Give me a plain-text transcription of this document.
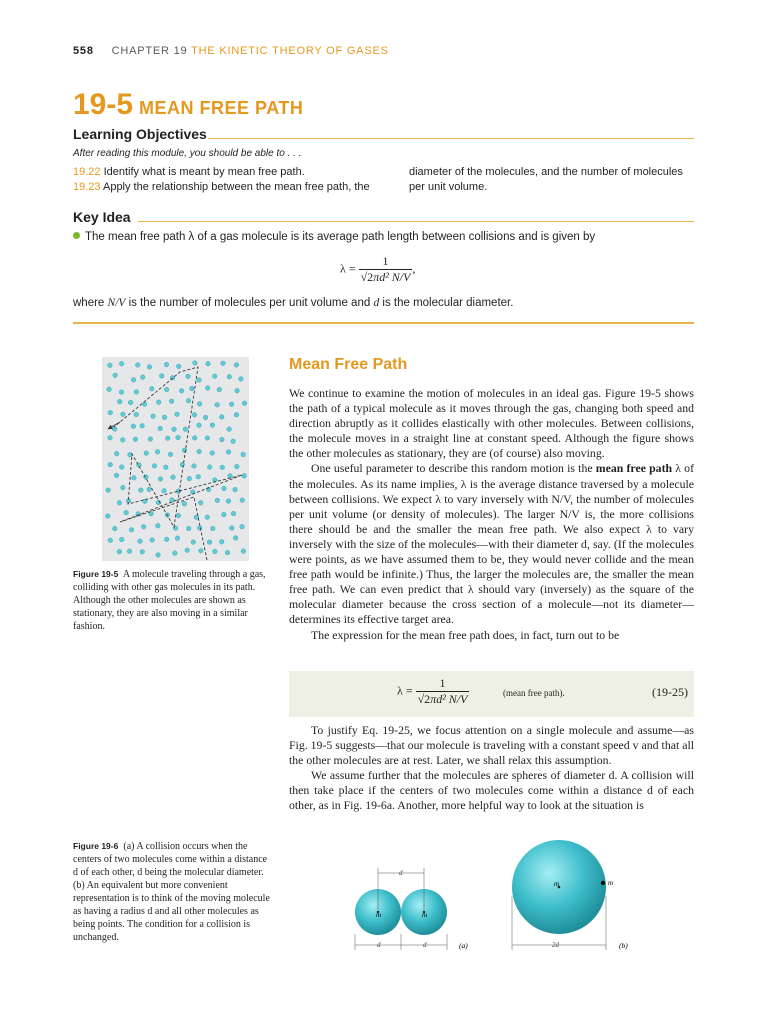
558 CHAPTER 19 THE KINETIC THEORY OF GASES
19-5 MEAN FREE PATH
Learning Objectives
After reading this module, you should be able to . . .
19.22 Identify what is meant by mean free path.
19.23 Apply the relationship between the mean free path, the
diameter of the molecules, and the number of molecules
per unit volume.
Key Idea
The mean free path λ of a gas molecule is its average path length between collisions and is given by
$\lambda = \frac{1}{\text{√2πd² N/V}}$ ,
where N/V is the number of molecules per unit volume and d is the molecular diameter.
Figure 19-5 A molecule traveling through a gas, colliding with other gas molecules in its path. Although the other molecules are shown as stationary, they are also moving in a similar fashion.
Mean Free Path
We continue to examine the motion of molecules in an ideal gas. Figure 19-5 shows the path of a typical molecule as it moves through the gas, changing both speed and direction abruptly as it collides elastically with other molecules. Between collisions, the molecule moves in a straight line at constant speed. Although the figure shows the other molecules as stationary, they are (of course) also moving.
One useful parameter to describe this random motion is the mean free path λ of the molecules. As its name implies, λ is the average distance traversed by a molecule between collisions. We expect λ to vary inversely with N/V, the number of molecules per unit volume (or density of molecules). The larger N/V is, the more collisions there should be and the smaller the mean free path. We also expect λ to vary inversely with the size of the molecules—with their diameter d, say. (If the molecules were points, as we have assumed them to be, they would never collide and the mean free path would be infinite.) Thus, the larger the molecules are, the smaller the mean free path. We can even predict that λ should vary (inversely) as the square of the molecular diameter because the cross section of a molecule—not its diameter—determines its effective target area.
The expression for the mean free path does, in fact, turn out to be
$\lambda = \frac{1}{\text{√2πd² N/V}}$	(mean free path).	(19-25)
To justify Eq. 19-25, we focus attention on a single molecule and assume—as Fig. 19-5 suggests—that our molecule is traveling with a constant speed v and that all the other molecules are at rest. Later, we shall relax this assumption.
We assume further that the molecules are spheres of diameter d. A collision will then take place if the centers of two molecules come within a distance d of each other, as in Fig. 19-6a. Another, more helpful way to look at the situation is
Figure 19-6 (a) A collision occurs when the centers of two molecules come within a distance d of each other, d being the molecular diameter. (b) An equivalent but more convenient representation is to think of the moving molecule as having a radius d and all other molecules as being points. The condition for a collision is unchanged.
m	m
d
d	d	(a)
m	m
2d	(b)
